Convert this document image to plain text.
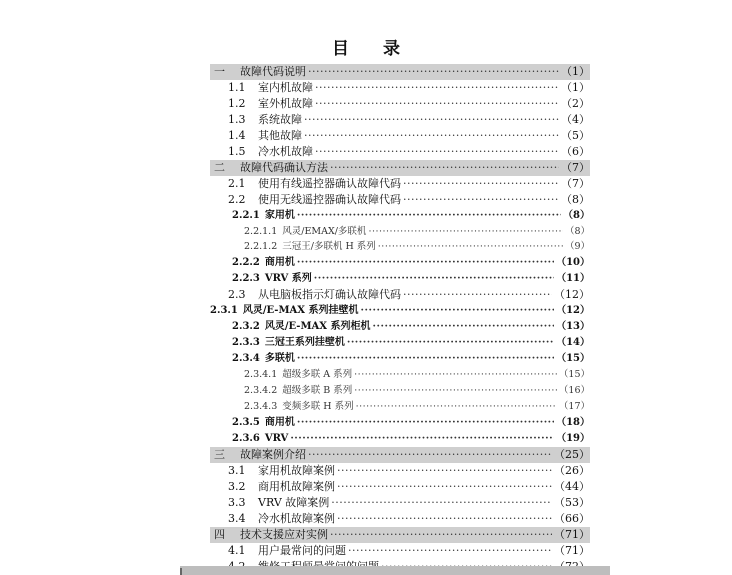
目 录
一	故障代码说明 ·····	（1）
1.1	室内机故障 ·····	（1）
1.2	室外机故障 ·····	（2）
1.3	系统故障 ·····	（4）
1.4	其他故障 ·····	（5）
1.5	冷水机故障 ·····	（6）
二	故障代码确认方法 ·····	（7）
2.1	使用有线遥控器确认故障代码 ·····	（7）
2.2	使用无线遥控器确认故障代码 ·····	（8）
2.2.1 家用机 ·····	（8）
2.2.1.1 风灵/EMAX/多联机 ·····	（8）
2.2.1.2 三冠王/多联机 H 系列 ·····	（9）
2.2.2 商用机 ·····	（10）
2.2.3 VRV 系列 ·····	（11）
2.3	从电脑板指示灯确认故障代码 ·····	（12）
2.3.1 风灵/E-MAX 系列挂壁机 ·····	（12）
2.3.2 风灵/E-MAX 系列柜机 ·····	（13）
2.3.3 三冠王系列挂壁机 ·····	（14）
2.3.4 多联机 ·····	（15）
2.3.4.1 超级多联 A 系列 ·····	（15）
2.3.4.2 超级多联 B 系列 ·····	（16）
2.3.4.3 变频多联 H 系列 ·····	（17）
2.3.5 商用机 ·····	（18）
2.3.6 VRV ·····	（19）
三	故障案例介绍 ·····	（25）
3.1	家用机故障案例 ·····	（26）
3.2	商用机故障案例 ·····	（44）
3.3	VRV 故障案例 ·····	（53）
3.4	冷水机故障案例 ·····	（66）
四	技术支援应对实例 ·····	（71）
4.1	用户最常问的问题 ·····	（71）
·····
